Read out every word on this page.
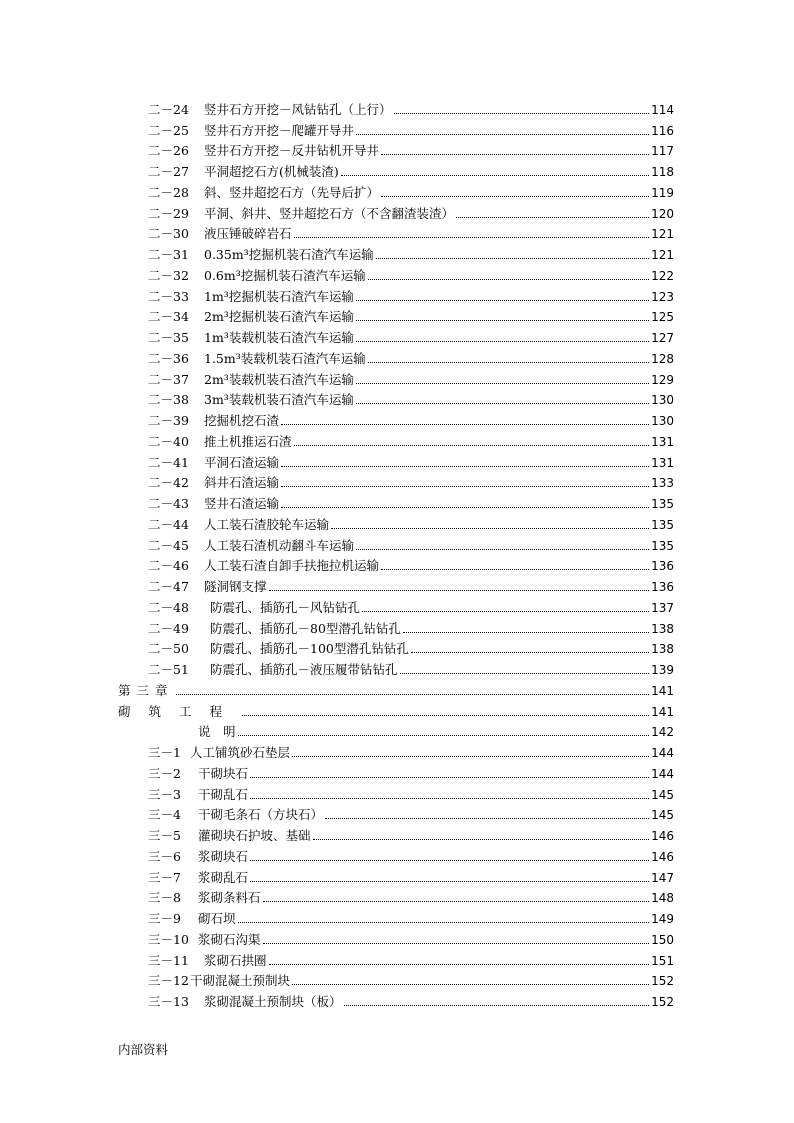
二－24	竖井石方开挖－风钻钻孔（上行）	114
二－25	竖井石方开挖－爬罐开导井	116
二－26	竖井石方开挖－反井钻机开导井	117
二－27	平洞超挖石方(机械装渣)	118
二－28	斜、竖井超挖石方（先导后扩）	119
二－29	平洞、斜井、竖井超挖石方（不含翻渣装渣）	120
二－30	液压锤破碎岩石	121
二－31	0.35m³挖掘机装石渣汽车运输	121
二－32	0.6m³挖掘机装石渣汽车运输	122
二－33	1m³挖掘机装石渣汽车运输	123
二－34	2m³挖掘机装石渣汽车运输	125
二－35	1m³装载机装石渣汽车运输	127
二－36	1.5m³装载机装石渣汽车运输	128
二－37	2m³装载机装石渣汽车运输	129
二－38	3m³装载机装石渣汽车运输	130
二－39	挖掘机挖石渣	130
二－40	推土机推运石渣	131
二－41	平洞石渣运输	131
二－42	斜井石渣运输	133
二－43	竖井石渣运输	135
二－44	人工装石渣胶轮车运输	135
二－45	人工装石渣机动翻斗车运输	135
二－46	人工装石渣自卸手扶拖拉机运输	136
二－47	隧洞钢支撑	136
二－48	防震孔、插筋孔－风钻钻孔	137
二－49	防震孔、插筋孔－80型潜孔钻钻孔	138
二－50	防震孔、插筋孔－100型潜孔钻钻孔	138
二－51	防震孔、插筋孔－液压履带钻钻孔	139
第三章	141
砌筑工程	141
说　明	142
三－1 人工铺筑砂石垫层	144
三－2	干砌块石	144
三－3	干砌乱石	145
三－4	干砌毛条石（方块石）	145
三－5	灌砌块石护坡、基础	146
三－6	浆砌块石	146
三－7	浆砌乱石	147
三－8	浆砌条料石	148
三－9	砌石坝	149
三－10 浆砌石沟渠	150
三－11	浆砌石拱圈	151
三－12 干砌混凝土预制块	152
三－13	浆砌混凝土预制块（板）	152
内部资料
